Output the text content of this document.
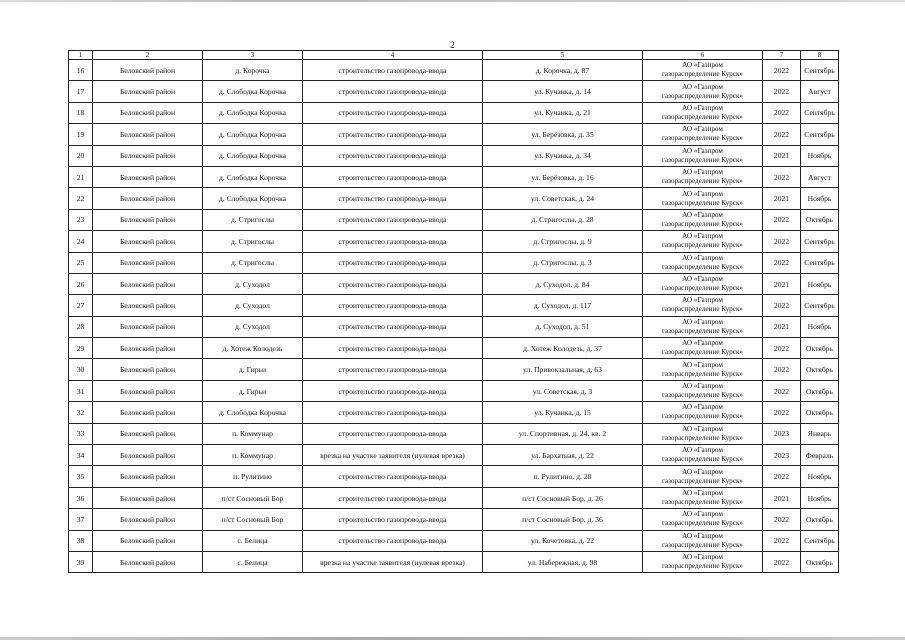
2
1	2	3	4	5	6	7	8
16	Беловский район	д. Корочка	строительство газопровода-ввода	д. Корочка, д. 87	АО «Газпром
газораспределение Курск»	2022	Сентябрь
17	Беловский район	д. Слободка Корочка	строительство газопровода-ввода	ул. Кучанка, д. 14	АО «Газпром
газораспределение Курск»	2022	Август
18	Беловский район	д. Слободка Корочка	строительство газопровода-ввода	ул. Кучанка, д. 21	АО «Газпром
газораспределение Курск»	2022	Сентябрь
19	Беловский район	д. Слободка Корочка	строительство газопровода-ввода	ул. Берёзовка, д. 35	АО «Газпром
газораспределение Курск»	2022	Сентябрь
20	Беловский район	д. Слободка Корочка	строительство газопровода-ввода	ул. Кучанка, д. 34	АО «Газпром
газораспределение Курск»	2021	Ноябрь
21	Беловский район	д. Слободка Корочка	строительство газопровода-ввода	ул. Берёзовка, д. 16	АО «Газпром
газораспределение Курск»	2022	Август
22	Беловский район	д. Слободка Корочка	строительство газопровода-ввода	ул. Советская, д. 24	АО «Газпром
газораспределение Курск»	2021	Ноябрь
23	Беловский район	д. Стригослы	строительство газопровода-ввода	д. Стригослы, д. 28	АО «Газпром
газораспределение Курск»	2022	Октябрь
24	Беловский район	д. Стригослы	строительство газопровода-ввода	д. Стригослы, д. 9	АО «Газпром
газораспределение Курск»	2022	Сентябрь
25	Беловский район	д. Стригослы	строительство газопровода-ввода	д. Стригослы, д. 3	АО «Газпром
газораспределение Курск»	2022	Сентябрь
26	Беловский район	д. Суходол	строительство газопровода-ввода	д. Суходол, д. 84	АО «Газпром
газораспределение Курск»	2021	Ноябрь
27	Беловский район	д. Суходол	строительство газопровода-ввода	д. Суходол, д. 117	АО «Газпром
газораспределение Курск»	2022	Сентябрь
28	Беловский район	д. Суходол	строительство газопровода-ввода	д. Суходол, д. 51	АО «Газпром
газораспределение Курск»	2021	Ноябрь
29	Беловский район	д. Хотеж Колодезь	строительство газопровода-ввода	д. Хотеж Колодезь, д. 37	АО «Газпром
газораспределение Курск»	2022	Октябрь
30	Беловский район	д. Гирьи	строительство газопровода-ввода	ул. Привокзальная, д. 63	АО «Газпром
газораспределение Курск»	2022	Октябрь
31	Беловский район	д. Гирьи	строительство газопровода-ввода	ул. Советская, д. 3	АО «Газпром
газораспределение Курск»	2022	Октябрь
32	Беловский район	д. Слободка Корочка	строительство газопровода-ввода	ул. Кучанка, д. 15	АО «Газпром
газораспределение Курск»	2022	Октябрь
33	Беловский район	п. Коммунар	строительство газопровода-ввода	ул. Спортивная, д. 24, кв. 2	АО «Газпром
газораспределение Курск»	2023	Январь
34	Беловский район	п. Коммунар	врезка на участке заявителя (нулевая врезка)	ул. Бархатная, д. 22	АО «Газпром
газораспределение Курск»	2023	Февраль
35	Беловский район	п. Рулитино	строительство газопровода-ввода	п. Рулитино, д. 28	АО «Газпром
газораспределение Курск»	2022	Ноябрь
36	Беловский район	п/ст Сосновый Бор	строительство газопровода-ввода	п/ст Сосновый Бор, д. 26	АО «Газпром
газораспределение Курск»	2021	Ноябрь
37	Беловский район	п/ст Сосновый Бор	строительство газопровода-ввода	п/ст Сосновый Бор, д. 36	АО «Газпром
газораспределение Курск»	2022	Октябрь
38	Беловский район	с. Белица	строительство газопровода-ввода	ул. Кочетовка, д. 22	АО «Газпром
газораспределение Курск»	2022	Сентябрь
39	Беловский район	с. Белица	врезка на участке заявителя (нулевая врезка)	ул. Набережная, д. 98	АО «Газпром
газораспределение Курск»	2022	Октябрь
